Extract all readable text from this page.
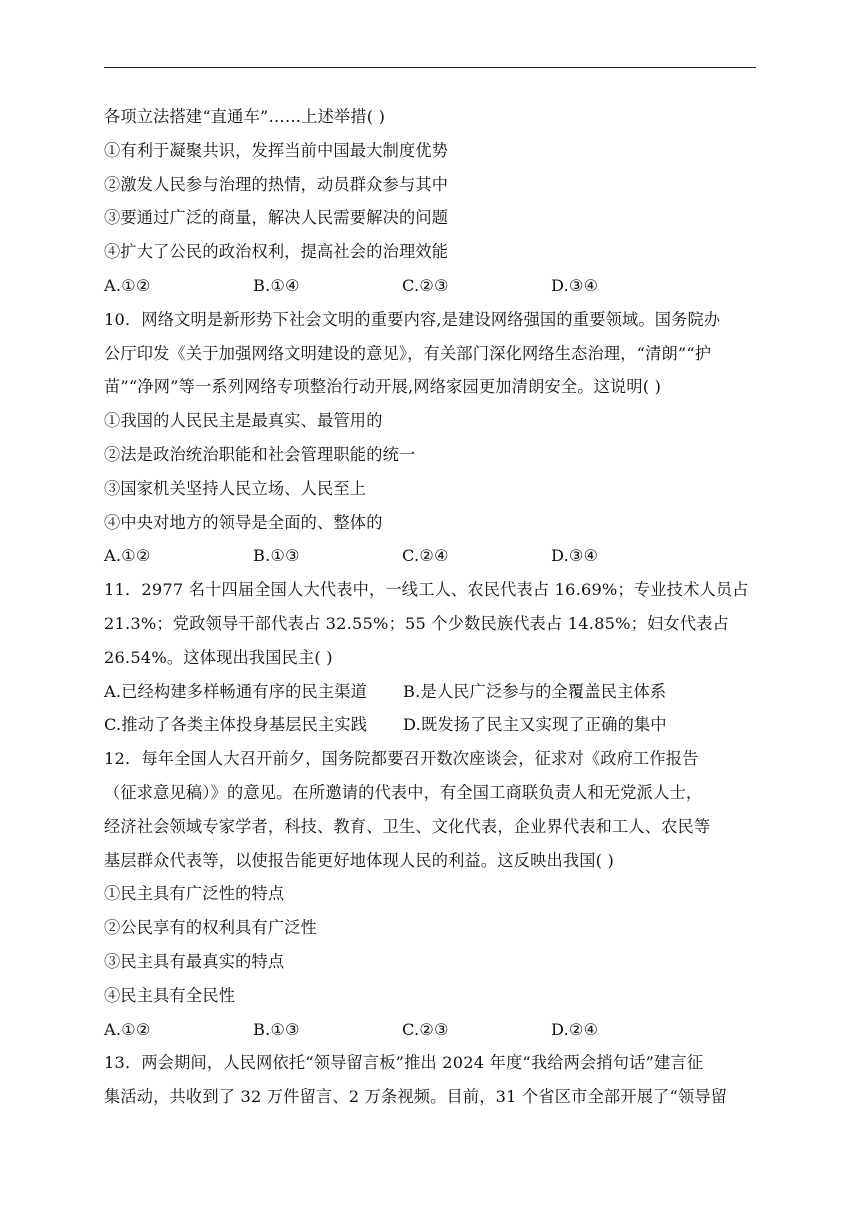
各项立法搭建“直通车”……上述举措( )
①有利于凝聚共识，发挥当前中国最大制度优势
②激发人民参与治理的热情，动员群众参与其中
③要通过广泛的商量，解决人民需要解决的问题
④扩大了公民的政治权利，提高社会的治理效能
A.①②	B.①④	C.②③	D.③④
10．网络文明是新形势下社会文明的重要内容,是建设网络强国的重要领域。国务院办
公厅印发《关于加强网络文明建设的意见》，有关部门深化网络生态治理，“清朗”“护
苗”“净网”等一系列网络专项整治行动开展,网络家园更加清朗安全。这说明( )
①我国的人民民主是最真实、最管用的
②法是政治统治职能和社会管理职能的统一
③国家机关坚持人民立场、人民至上
④中央对地方的领导是全面的、整体的
A.①②	B.①③	C.②④	D.③④
11．2977 名十四届全国人大代表中，一线工人、农民代表占 16.69%；专业技术人员占
21.3%；党政领导干部代表占 32.55%；55 个少数民族代表占 14.85%；妇女代表占
26.54%。这体现出我国民主( )
A.已经构建多样畅通有序的民主渠道	B.是人民广泛参与的全覆盖民主体系
C.推动了各类主体投身基层民主实践	D.既发扬了民主又实现了正确的集中
12．每年全国人大召开前夕，国务院都要召开数次座谈会，征求对《政府工作报告
（征求意见稿）》的意见。在所邀请的代表中，有全国工商联负责人和无党派人士，
经济社会领域专家学者，科技、教育、卫生、文化代表，企业界代表和工人、农民等
基层群众代表等，以使报告能更好地体现人民的利益。这反映出我国( )
①民主具有广泛性的特点
②公民享有的权利具有广泛性
③民主具有最真实的特点
④民主具有全民性
A.①②	B.①③	C.②③	D.②④
13．两会期间，人民网依托“领导留言板”推出 2024 年度“我给两会捎句话”建言征
集活动，共收到了 32 万件留言、2 万条视频。目前，31 个省区市全部开展了“领导留
